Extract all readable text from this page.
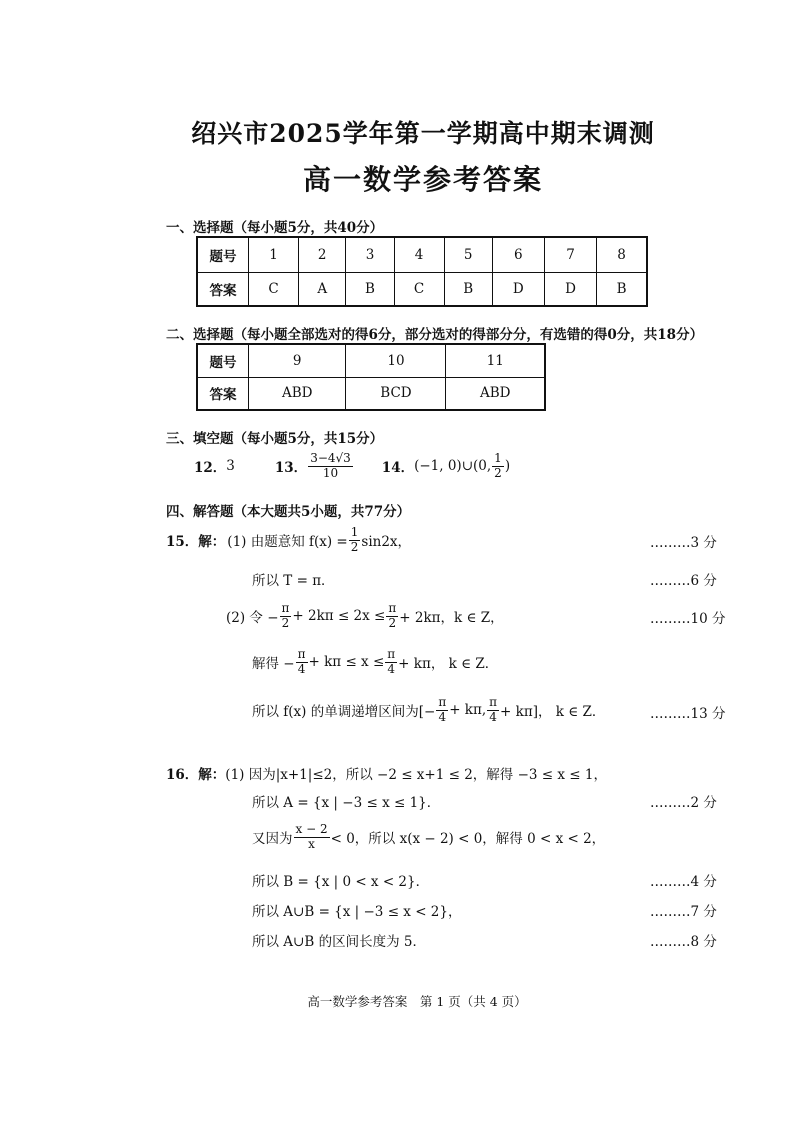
绍兴市2025学年第一学期高中期末调测
高一数学参考答案
一、选择题（每小题5分，共40分）
题号	1	2	3	4	5	6	7	8
答案	C	A	B	C	B	D	D	B
二、选择题（每小题全部选对的得6分，部分选对的得部分分，有选错的得0分，共18分）
题号	9	10	11
答案	ABD	BCD	ABD
三、填空题（每小题5分，共15分）
12． 3	13． $\frac{3-4√3}{10} 14$． (−1, 0)∪(0, $\frac{1}{2}$ )
四、解答题（本大题共5小题，共77分）
15． 解： (1) 由题意知 $f(x) = \frac{1}{2} \sin 2x$，	………3 分
所以 T = π．	………6 分
(2) 令 − $\frac{\pi}{2} + 2k\pi \le 2x \le \frac{\pi}{2} + 2k\pi$，k ∈ Z，	………10 分
解得 − $\frac{\pi}{4} + k\pi \le x \le \frac{\pi}{4} + k\pi$， k ∈ Z．
所以 f(x) 的单调递增区间为[− $\frac{\pi}{4} + k\pi$, $\frac{\pi}{4} + k\pi$]， k ∈ Z．	………13 分
16．解：(1) 因为|x+1|≤2，所以 −2 ≤ x+1 ≤ 2，解得 −3 ≤ x ≤ 1，
所以 A = {x | −3 ≤ x ≤ 1}．	………2 分
又因为 $\frac{x - 2}{x} < 0$，所以 x(x − 2) < 0，解得 0 < x < 2，
所以 B = {x | 0 < x < 2}．	………4 分
所以 A∪B = {x | −3 ≤ x < 2}，	………7 分
所以 A∪B 的区间长度为 5．	………8 分
高一数学参考答案　第 1 页（共 4 页）
